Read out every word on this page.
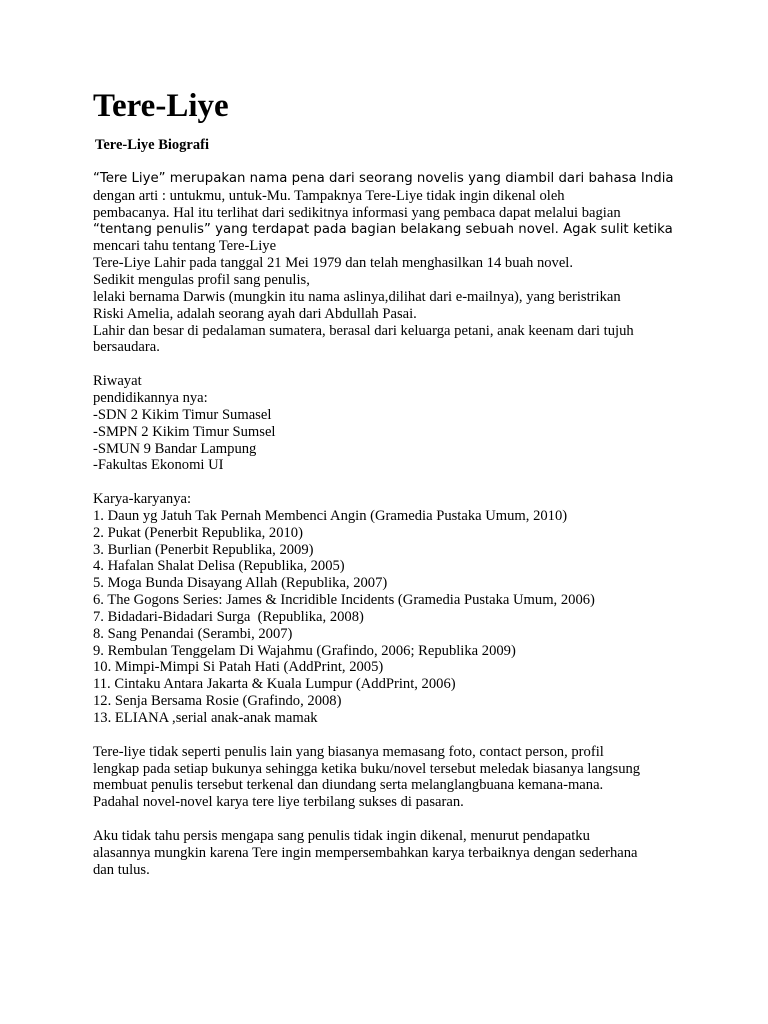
Tere-Liye

Tere-Liye Biografi

“Tere Liye” merupakan nama pena dari seorang novelis yang diambil dari bahasa India
dengan arti : untukmu, untuk-Mu. Tampaknya Tere-Liye tidak ingin dikenal oleh
pembacanya. Hal itu terlihat dari sedikitnya informasi yang pembaca dapat melalui bagian
“tentang penulis” yang terdapat pada bagian belakang sebuah novel. Agak sulit ketika
mencari tahu tentang Tere-Liye
Tere-Liye Lahir pada tanggal 21 Mei 1979 dan telah menghasilkan 14 buah novel.
Sedikit mengulas profil sang penulis,
lelaki bernama Darwis (mungkin itu nama aslinya,dilihat dari e-mailnya), yang beristrikan
Riski Amelia, adalah seorang ayah dari Abdullah Pasai.
Lahir dan besar di pedalaman sumatera, berasal dari keluarga petani, anak keenam dari tujuh
bersaudara.
Riwayat
pendidikannya nya:
-SDN 2 Kikim Timur Sumasel
-SMPN 2 Kikim Timur Sumsel
-SMUN 9 Bandar Lampung
-Fakultas Ekonomi UI
Karya-karyanya:
1. Daun yg Jatuh Tak Pernah Membenci Angin (Gramedia Pustaka Umum, 2010)
2. Pukat (Penerbit Republika, 2010)
3. Burlian (Penerbit Republika, 2009)
4. Hafalan Shalat Delisa (Republika, 2005)
5. Moga Bunda Disayang Allah (Republika, 2007)
6. The Gogons Series: James & Incridible Incidents (Gramedia Pustaka Umum, 2006)
7. Bidadari-Bidadari Surga  (Republika, 2008)
8. Sang Penandai (Serambi, 2007)
9. Rembulan Tenggelam Di Wajahmu (Grafindo, 2006; Republika 2009)
10. Mimpi-Mimpi Si Patah Hati (AddPrint, 2005)
11. Cintaku Antara Jakarta & Kuala Lumpur (AddPrint, 2006)
12. Senja Bersama Rosie (Grafindo, 2008)
13. ELIANA ,serial anak-anak mamak
Tere-liye tidak seperti penulis lain yang biasanya memasang foto, contact person, profil
lengkap pada setiap bukunya sehingga ketika buku/novel tersebut meledak biasanya langsung
membuat penulis tersebut terkenal dan diundang serta melanglangbuana kemana-mana.
Padahal novel-novel karya tere liye terbilang sukses di pasaran.
Aku tidak tahu persis mengapa sang penulis tidak ingin dikenal, menurut pendapatku
alasannya mungkin karena Tere ingin mempersembahkan karya terbaiknya dengan sederhana
dan tulus.
